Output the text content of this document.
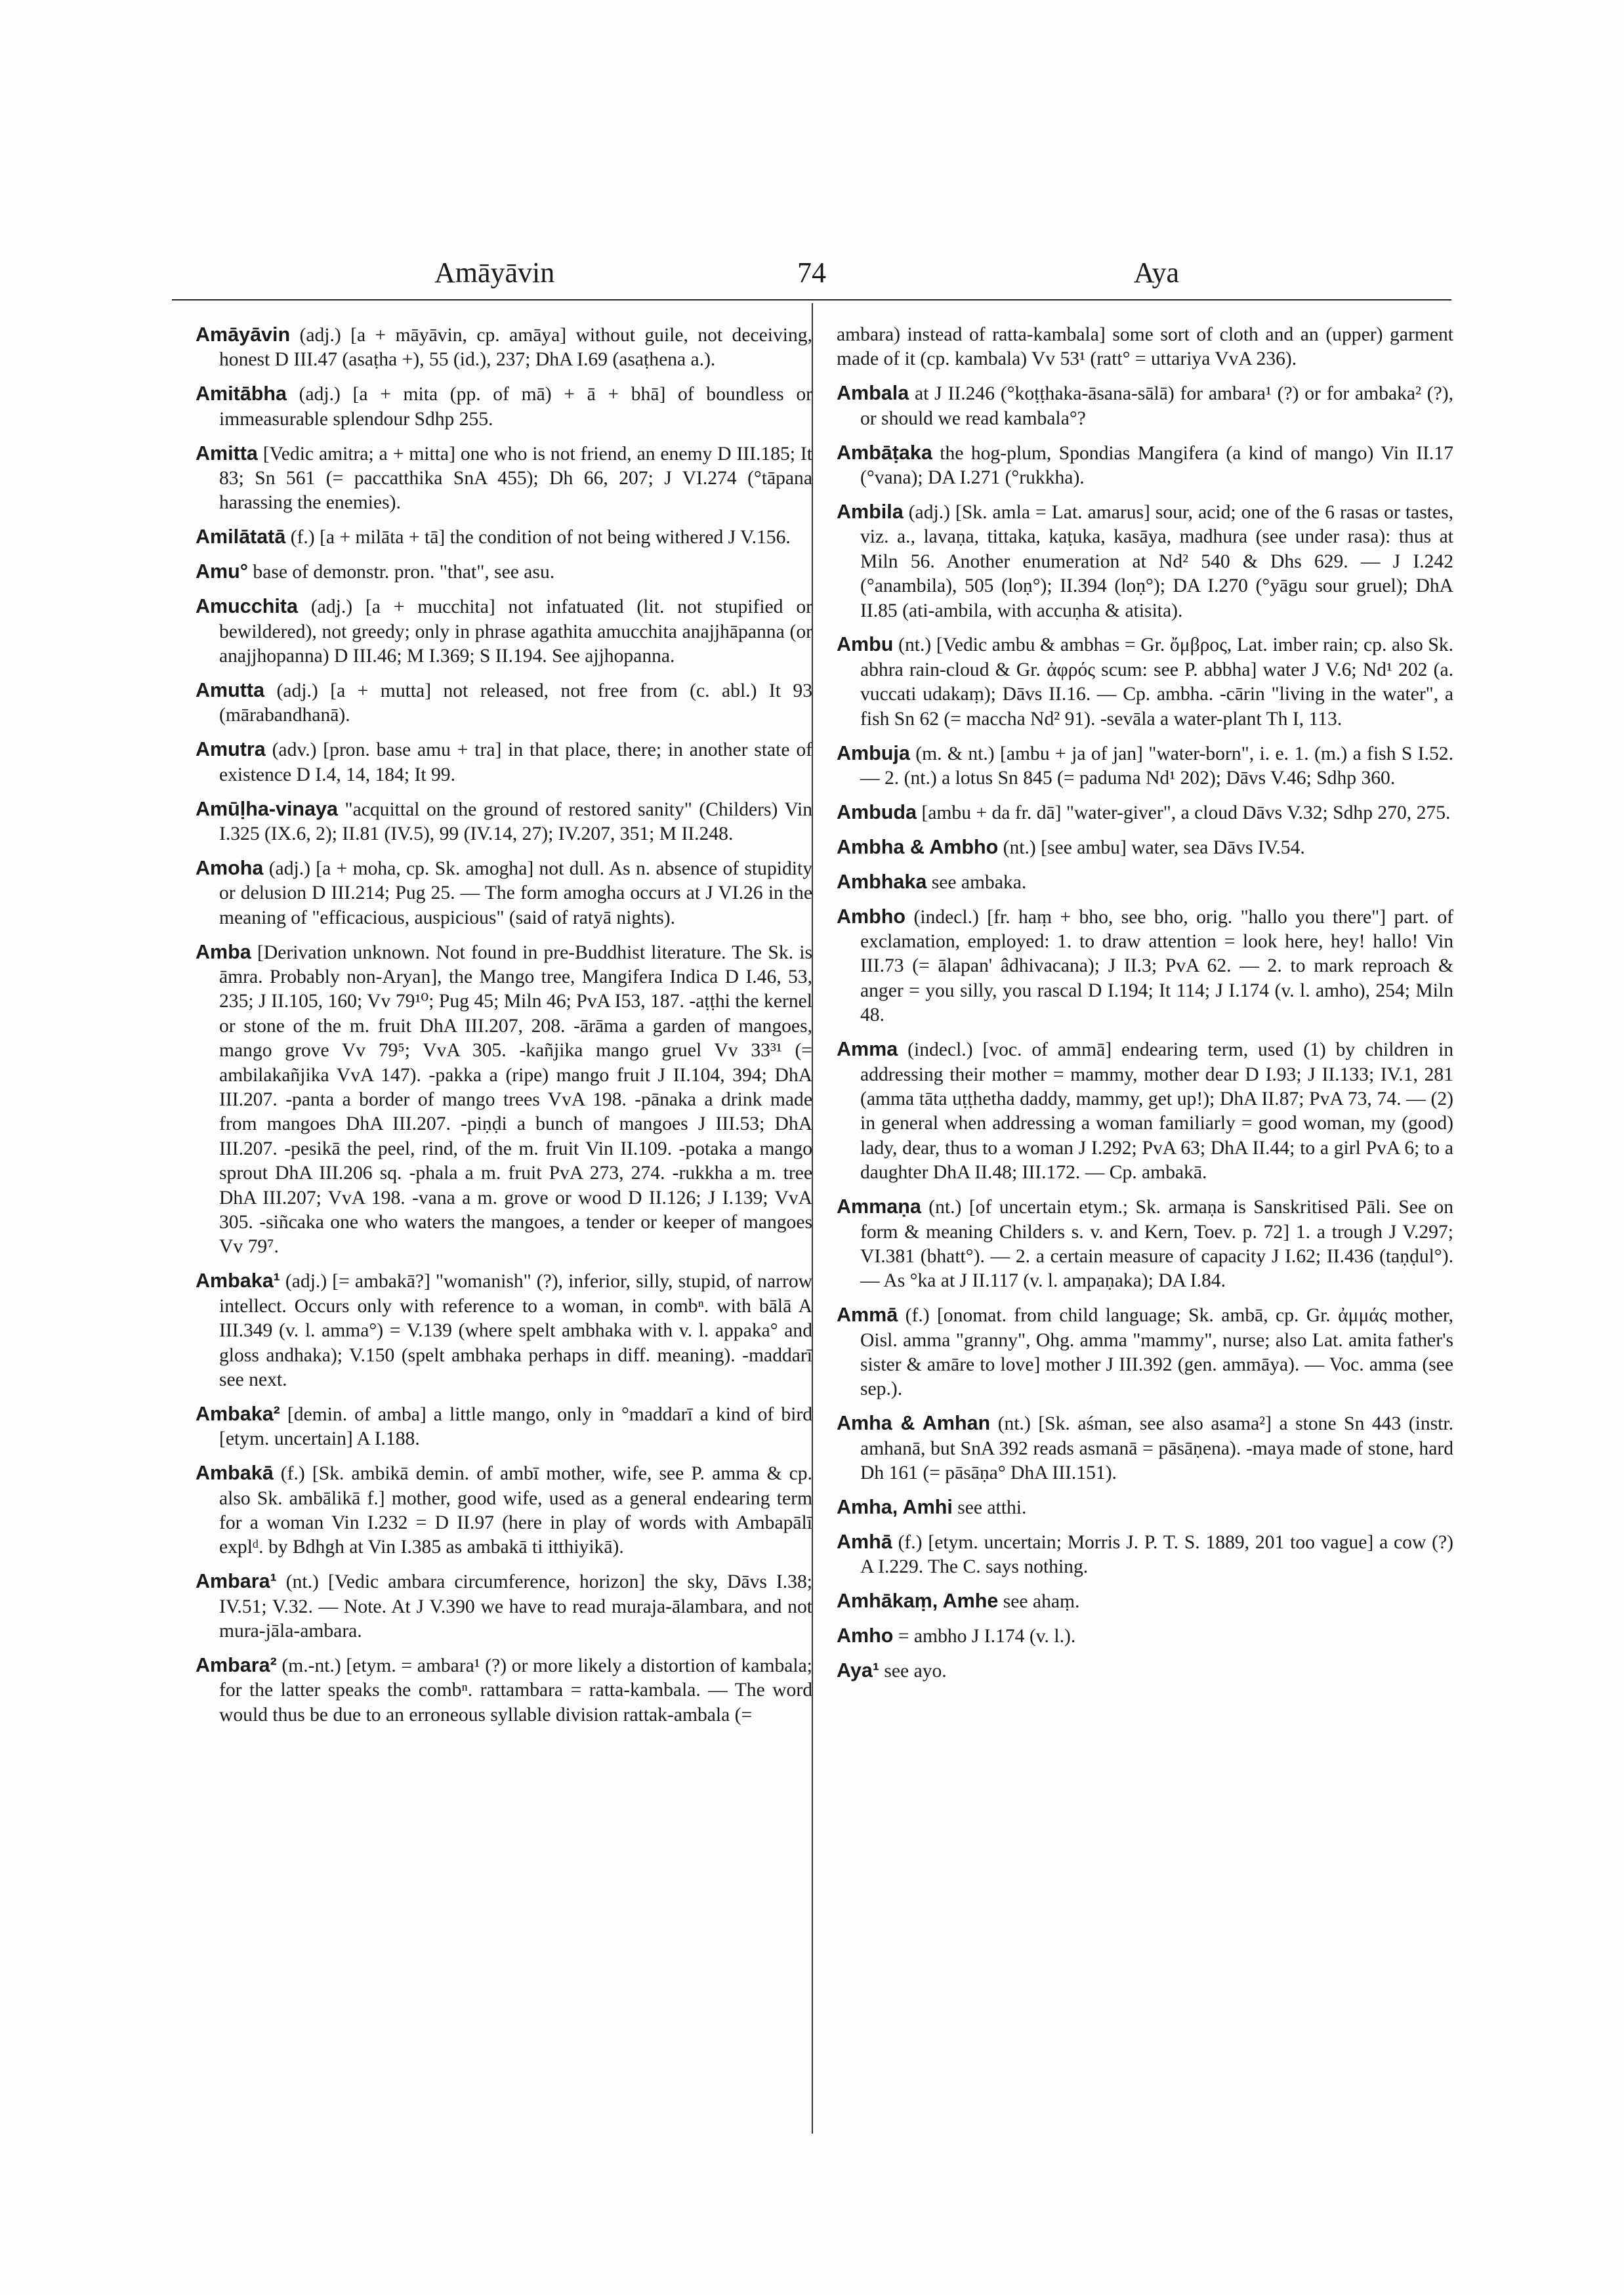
Amāyāvin	74	Aya

Amāyāvin (adj.) [a + māyāvin, cp. amāya] without guile, not deceiving, honest D III.47 (asaṭha +), 55 (id.), 237; DhA I.69 (asaṭhena a.).

Amitābha (adj.) [a + mita (pp. of mā) + ā + bhā] of boundless or immeasurable splendour Sdhp 255.

Amitta [Vedic amitra; a + mitta] one who is not friend, an enemy D III.185; It 83; Sn 561 (= paccatthika SnA 455); Dh 66, 207; J VI.274 (°tāpana harassing the enemies).

Amilātatā (f.) [a + milāta + tā] the condition of not being withered J V.156.

Amu° base of demonstr. pron. "that", see asu.

Amucchita (adj.) [a + mucchita] not infatuated (lit. not stupified or bewildered), not greedy; only in phrase agathita amucchita anajjhāpanna (or anajjhopanna) D III.46; M I.369; S II.194. See ajjhopanna.

Amutta (adj.) [a + mutta] not released, not free from (c. abl.) It 93 (mārabandhanā).

Amutra (adv.) [pron. base amu + tra] in that place, there; in another state of existence D I.4, 14, 184; It 99.

Amūḷha-vinaya "acquittal on the ground of restored sanity" (Childers) Vin I.325 (IX.6, 2); II.81 (IV.5), 99 (IV.14, 27); IV.207, 351; M II.248.

Amoha (adj.) [a + moha, cp. Sk. amogha] not dull. As n. absence of stupidity or delusion D III.214; Pug 25. — The form amogha occurs at J VI.26 in the meaning of "efficacious, auspicious" (said of ratyā nights).

Amba [Derivation unknown. Not found in pre-Buddhist literature. The Sk. is āmra. Probably non-Aryan], the Mango tree, Mangifera Indica D I.46, 53, 235; J II.105, 160; Vv 79¹⁰; Pug 45; Miln 46; PvA I53, 187. -aṭṭhi the kernel or stone of the m. fruit DhA III.207, 208. -ārāma a garden of mangoes, mango grove Vv 79⁵; VvA 305. -kañjika mango gruel Vv 33³¹ (= ambilakañjika VvA 147). -pakka a (ripe) mango fruit J II.104, 394; DhA III.207. -panta a border of mango trees VvA 198. -pānaka a drink made from mangoes DhA III.207. -piṇḍi a bunch of mangoes J III.53; DhA III.207. -pesikā the peel, rind, of the m. fruit Vin II.109. -potaka a mango sprout DhA III.206 sq. -phala a m. fruit PvA 273, 274. -rukkha a m. tree DhA III.207; VvA 198. -vana a m. grove or wood D II.126; J I.139; VvA 305. -siñcaka one who waters the mangoes, a tender or keeper of mangoes Vv 79⁷.

Ambaka¹ (adj.) [= ambakā?] "womanish" (?), inferior, silly, stupid, of narrow intellect. Occurs only with reference to a woman, in combⁿ. with bālā A III.349 (v. l. amma°) = V.139 (where spelt ambhaka with v. l. appaka° and gloss andhaka); V.150 (spelt ambhaka perhaps in diff. meaning). -maddarī see next.

Ambaka² [demin. of amba] a little mango, only in °maddarī a kind of bird [etym. uncertain] A I.188.

Ambakā (f.) [Sk. ambikā demin. of ambī mother, wife, see P. amma & cp. also Sk. ambālikā f.] mother, good wife, used as a general endearing term for a woman Vin I.232 = D II.97 (here in play of words with Ambapālī explᵈ. by Bdhgh at Vin I.385 as ambakā ti itthiyikā).

Ambara¹ (nt.) [Vedic ambara circumference, horizon] the sky, Dāvs I.38; IV.51; V.32. — Note. At J V.390 we have to read muraja-ālambara, and not mura-jāla-ambara.

Ambara² (m.-nt.) [etym. = ambara¹ (?) or more likely a distortion of kambala; for the latter speaks the combⁿ. rattambara = ratta-kambala. — The word would thus be due to an erroneous syllable division rattak-ambala (=

ambara) instead of ratta-kambala] some sort of cloth and an (upper) garment made of it (cp. kambala) Vv 53¹ (ratt° = uttariya VvA 236).

Ambala at J II.246 (°koṭṭhaka-āsana-sālā) for ambara¹ (?) or for ambaka² (?), or should we read kambala°?

Ambāṭaka the hog-plum, Spondias Mangifera (a kind of mango) Vin II.17 (°vana); DA I.271 (°rukkha).

Ambila (adj.) [Sk. amla = Lat. amarus] sour, acid; one of the 6 rasas or tastes, viz. a., lavaṇa, tittaka, kaṭuka, kasāya, madhura (see under rasa): thus at Miln 56. Another enumeration at Nd² 540 & Dhs 629. — J I.242 (°anambila), 505 (loṇ°); II.394 (loṇ°); DA I.270 (°yāgu sour gruel); DhA II.85 (ati-ambila, with accuṇha & atisita).

Ambu (nt.) [Vedic ambu & ambhas = Gr. ὄμβρος, Lat. imber rain; cp. also Sk. abhra rain-cloud & Gr. ἀφρός scum: see P. abbha] water J V.6; Nd¹ 202 (a. vuccati udakaṃ); Dāvs II.16. — Cp. ambha. -cārin "living in the water", a fish Sn 62 (= maccha Nd² 91). -sevāla a water-plant Th I, 113.

Ambuja (m. & nt.) [ambu + ja of jan] "water-born", i. e. 1. (m.) a fish S I.52. — 2. (nt.) a lotus Sn 845 (= paduma Nd¹ 202); Dāvs V.46; Sdhp 360.

Ambuda [ambu + da fr. dā] "water-giver", a cloud Dāvs V.32; Sdhp 270, 275.

Ambha & Ambho (nt.) [see ambu] water, sea Dāvs IV.54.

Ambhaka see ambaka.

Ambho (indecl.) [fr. haṃ + bho, see bho, orig. "hallo you there"] part. of exclamation, employed: 1. to draw attention = look here, hey! hallo! Vin III.73 (= ālapan' âdhivacana); J II.3; PvA 62. — 2. to mark reproach & anger = you silly, you rascal D I.194; It 114; J I.174 (v. l. amho), 254; Miln 48.

Amma (indecl.) [voc. of ammā] endearing term, used (1) by children in addressing their mother = mammy, mother dear D I.93; J II.133; IV.1, 281 (amma tāta uṭṭhetha daddy, mammy, get up!); DhA II.87; PvA 73, 74. — (2) in general when addressing a woman familiarly = good woman, my (good) lady, dear, thus to a woman J I.292; PvA 63; DhA II.44; to a girl PvA 6; to a daughter DhA II.48; III.172. — Cp. ambakā.

Ammaṇa (nt.) [of uncertain etym.; Sk. armaṇa is Sanskritised Pāli. See on form & meaning Childers s. v. and Kern, Toev. p. 72] 1. a trough J V.297; VI.381 (bhatt°). — 2. a certain measure of capacity J I.62; II.436 (taṇḍul°). — As °ka at J II.117 (v. l. ampaṇaka); DA I.84.

Ammā (f.) [onomat. from child language; Sk. ambā, cp. Gr. ἀμμάς mother, Oisl. amma "granny", Ohg. amma "mammy", nurse; also Lat. amita father's sister & amāre to love] mother J III.392 (gen. ammāya). — Voc. amma (see sep.).

Amha & Amhan (nt.) [Sk. aśman, see also asama²] a stone Sn 443 (instr. amhanā, but SnA 392 reads asmanā = pāsāṇena). -maya made of stone, hard Dh 161 (= pāsāṇa° DhA III.151).

Amha, Amhi see atthi.

Amhā (f.) [etym. uncertain; Morris J. P. T. S. 1889, 201 too vague] a cow (?) A I.229. The C. says nothing.

Amhākaṃ, Amhe see ahaṃ.

Amho = ambho J I.174 (v. l.).

Aya¹ see ayo.
